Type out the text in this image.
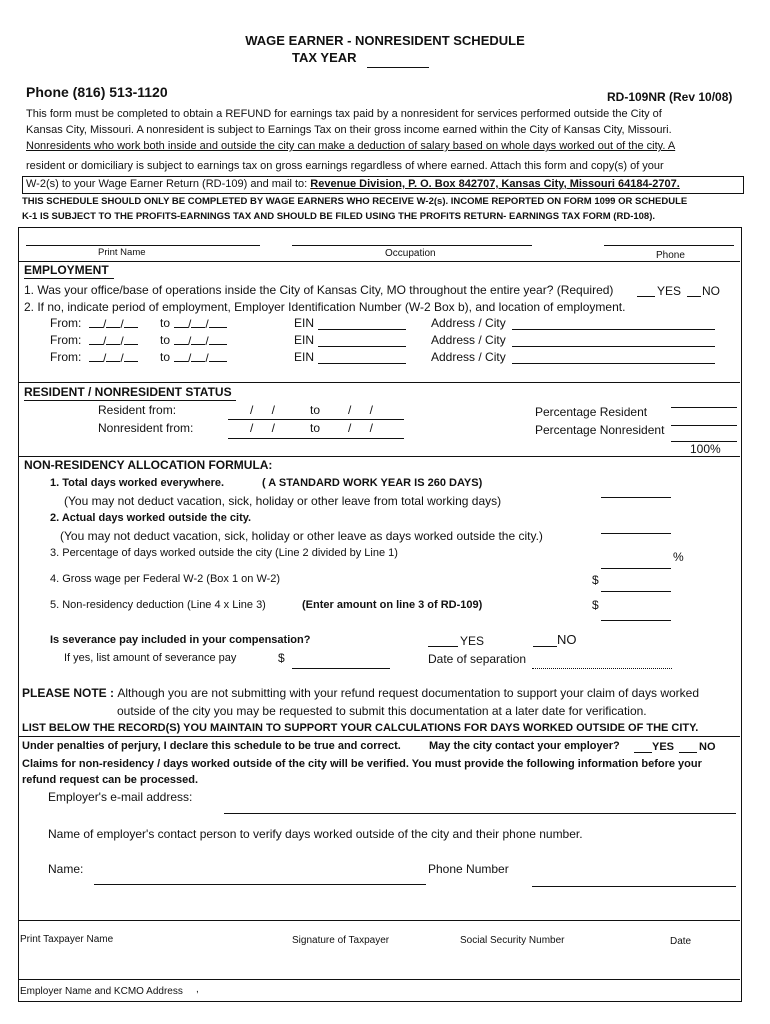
WAGE EARNER - NONRESIDENT SCHEDULE
TAX YEAR
Phone (816) 513-1120	RD-109NR (Rev 10/08)
This form must be completed to obtain a REFUND for earnings tax paid by a nonresident for services performed outside the City of
Kansas City, Missouri. A nonresident is subject to Earnings Tax on their gross income earned within the City of Kansas City, Missouri.
Nonresidents who work both inside and outside the city can make a deduction of salary based on whole days worked out of the city. A
resident or domiciliary is subject to earnings tax on gross earnings regardless of where earned. Attach this form and copy(s) of your
W-2(s) to your Wage Earner Return (RD-109) and mail to: Revenue Division, P. O. Box 842707, Kansas City, Missouri 64184-2707.
THIS SCHEDULE SHOULD ONLY BE COMPLETED BY WAGE EARNERS WHO RECEIVE W-2(s). INCOME REPORTED ON FORM 1099 OR SCHEDULE
K-1 IS SUBJECT TO THE PROFITS-EARNINGS TAX AND SHOULD BE FILED USING THE PROFITS RETURN- EARNINGS TAX FORM (RD-108).
Print Name	Occupation	Phone
EMPLOYMENT
1. Was your office/base of operations inside the City of Kansas City, MO throughout the entire year? (Required)	YES NO
2. If no, indicate period of employment, Employer Identification Number (W-2 Box b), and location of employment.
From:	/ /	to	/ /	EIN	Address / City
From:	/ /	to	/ /	EIN	Address / City
From:	/ /	to	/ /	EIN	Address / City
RESIDENT / NONRESIDENT STATUS
Resident from:	/    /	to /    /
Nonresident from:	/    /	to /    /
Percentage Resident
Percentage Nonresident
100%
NON-RESIDENCY ALLOCATION FORMULA:
1. Total days worked everywhere.	( A STANDARD WORK YEAR IS 260 DAYS)
(You may not deduct vacation, sick, holiday or other leave from total working days)
2. Actual days worked outside the city.
(You may not deduct vacation, sick, holiday or other leave as days worked outside the city.)
3. Percentage of days worked outside the city (Line 2 divided by Line 1)	%
4. Gross wage per Federal W-2 (Box 1 on W-2)	$
5. Non-residency deduction (Line 4 x Line 3)	(Enter amount on line 3 of RD-109)	$
Is severance pay included in your compensation?	YES	NO
If yes, list amount of severance pay	$	Date of separation
PLEASE NOTE : Although you are not submitting with your refund request documentation to support your claim of days worked
outside of the city you may be requested to submit this documentation at a later date for verification.
LIST BELOW THE RECORD(S) YOU MAINTAIN TO SUPPORT YOUR CALCULATIONS FOR DAYS WORKED OUTSIDE OF THE CITY.
Under penalties of perjury, I declare this schedule to be true and correct.	May the city contact your employer?	YES NO
Claims for non-residency / days worked outside of the city will be verified. You must provide the following information before your
refund request can be processed.
Employer's e-mail address:
Name of employer's contact person to verify days worked outside of the city and their phone number.
Name:	Phone Number
Print Taxpayer Name	Signature of Taxpayer	Social Security Number	Date
Employer Name and KCMO Address ,
